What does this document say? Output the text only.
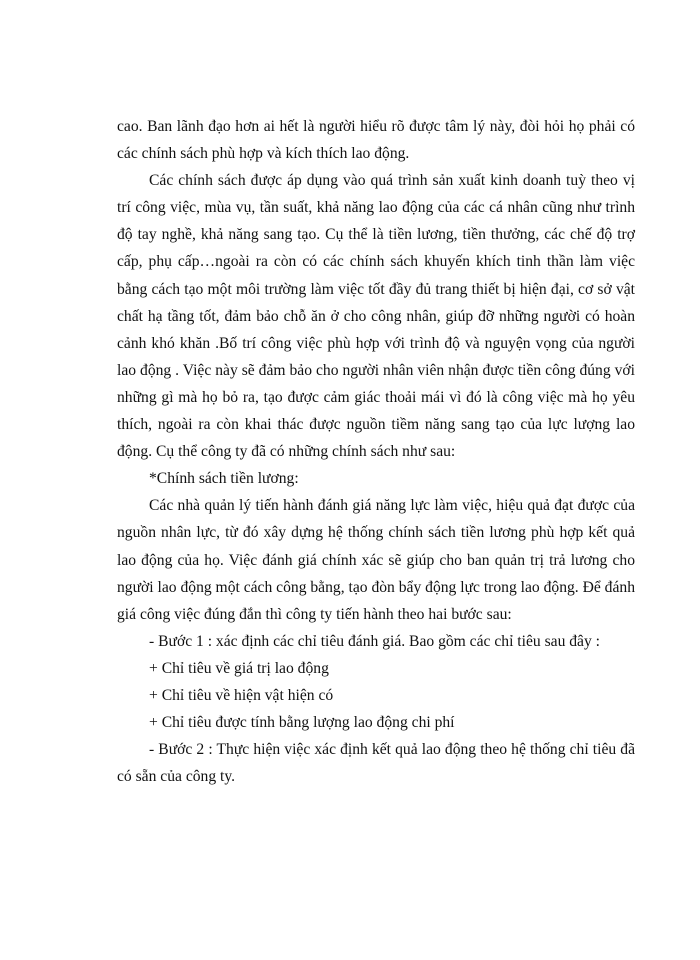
cao. Ban lãnh đạo hơn ai hết là người hiểu rõ được tâm lý này, đòi hỏi họ phải có các chính sách phù hợp và kích thích lao động.

Các chính sách được áp dụng vào quá trình sản xuất kinh doanh tuỳ theo vị trí công việc, mùa vụ, tần suất, khả năng lao động của các cá nhân cũng như trình độ tay nghề, khả năng sang tạo. Cụ thể là tiền lương, tiền thưởng, các chế độ trợ cấp, phụ cấp…ngoài ra còn có các chính sách khuyến khích tinh thần làm việc bằng cách tạo một môi trường làm việc tốt đầy đủ trang thiết bị hiện đại, cơ sở vật chất hạ tầng tốt, đảm bảo chỗ ăn ở cho công nhân, giúp đỡ những người có hoàn cảnh khó khăn .Bố trí công việc phù hợp với trình độ và nguyện vọng của người lao động . Việc này sẽ đảm bảo cho người nhân viên nhận được tiền công đúng với những gì mà họ bỏ ra, tạo được cảm giác thoải mái vì đó là công việc mà họ yêu thích, ngoài ra còn khai thác được nguồn tiềm năng sang tạo của lực lượng lao động. Cụ thể công ty đã có những chính sách như sau:

*Chính sách tiền lương:

Các nhà quản lý tiến hành đánh giá năng lực làm việc, hiệu quả đạt được của nguồn nhân lực, từ đó xây dựng hệ thống chính sách tiền lương phù hợp kết quả lao động của họ. Việc đánh giá chính xác sẽ giúp cho ban quản trị trả lương cho người lao động một cách công bằng, tạo đòn bẩy động lực trong lao động. Để đánh giá công việc đúng đắn thì công ty tiến hành theo hai bước sau:

- Bước 1 : xác định các chỉ tiêu đánh giá. Bao gồm các chỉ tiêu sau đây :

+ Chỉ tiêu về giá trị lao động

+ Chỉ tiêu về hiện vật hiện có

+ Chỉ tiêu được tính bằng lượng lao động chi phí

- Bước 2 : Thực hiện việc xác định kết quả lao động theo hệ thống chỉ tiêu đã có sẵn của công ty.
